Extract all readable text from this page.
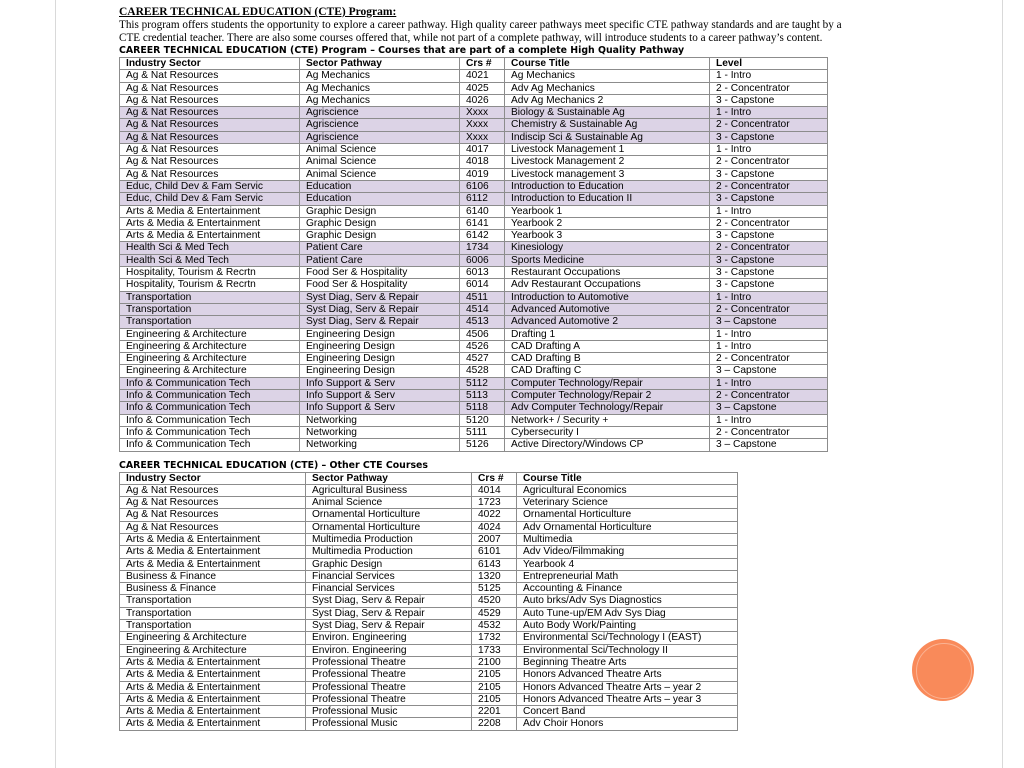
CAREER TECHNICAL EDUCATION (CTE) Program:

This program offers students the opportunity to explore a career pathway. High quality career pathways meet specific CTE pathway standards and are taught by a CTE credential teacher. There are also some courses offered that, while not part of a complete pathway, will introduce students to a career pathway’s content.

CAREER TECHNICAL EDUCATION (CTE) Program – Courses that are part of a complete High Quality Pathway

Industry Sector	Sector Pathway	Crs #	Course Title	Level
Ag & Nat Resources	Ag Mechanics	4021	Ag Mechanics	1 - Intro
Ag & Nat Resources	Ag Mechanics	4025	Adv Ag Mechanics	2 - Concentrator
Ag & Nat Resources	Ag Mechanics	4026	Adv Ag Mechanics 2	3 - Capstone
Ag & Nat Resources	Agriscience	Xxxx	Biology & Sustainable Ag	1 - Intro
Ag & Nat Resources	Agriscience	Xxxx	Chemistry & Sustainable Ag	2 - Concentrator
Ag & Nat Resources	Agriscience	Xxxx	Indiscip Sci & Sustainable Ag	3 - Capstone
Ag & Nat Resources	Animal Science	4017	Livestock Management 1	1 - Intro
Ag & Nat Resources	Animal Science	4018	Livestock Management 2	2 - Concentrator
Ag & Nat Resources	Animal Science	4019	Livestock management 3	3 - Capstone
Educ, Child Dev & Fam Servic	Education	6106	Introduction to Education	2 - Concentrator
Educ, Child Dev & Fam Servic	Education	6112	Introduction to Education II	3 - Capstone
Arts & Media & Entertainment	Graphic Design	6140	Yearbook 1	1 - Intro
Arts & Media & Entertainment	Graphic Design	6141	Yearbook 2	2 - Concentrator
Arts & Media & Entertainment	Graphic Design	6142	Yearbook 3	3 - Capstone
Health Sci & Med Tech	Patient Care	1734	Kinesiology	2 - Concentrator
Health Sci & Med Tech	Patient Care	6006	Sports Medicine	3 - Capstone
Hospitality, Tourism & Recrtn	Food Ser & Hospitality	6013	Restaurant Occupations	3 - Capstone
Hospitality, Tourism & Recrtn	Food Ser & Hospitality	6014	Adv Restaurant Occupations	3 - Capstone
Transportation	Syst Diag, Serv & Repair	4511	Introduction to Automotive	1 - Intro
Transportation	Syst Diag, Serv & Repair	4514	Advanced Automotive	2 - Concentrator
Transportation	Syst Diag, Serv & Repair	4513	Advanced Automotive 2	3 – Capstone
Engineering & Architecture	Engineering Design	4506	Drafting 1	1 - Intro
Engineering & Architecture	Engineering Design	4526	CAD Drafting A	1 - Intro
Engineering & Architecture	Engineering Design	4527	CAD Drafting B	2 - Concentrator
Engineering & Architecture	Engineering Design	4528	CAD Drafting C	3 – Capstone
Info & Communication Tech	Info Support & Serv	5112	Computer Technology/Repair	1 - Intro
Info & Communication Tech	Info Support & Serv	5113	Computer Technology/Repair 2	2 - Concentrator
Info & Communication Tech	Info Support & Serv	5118	Adv Computer Technology/Repair	3 – Capstone
Info & Communication Tech	Networking	5120	Network+ / Security +	1 - Intro
Info & Communication Tech	Networking	5111	Cybersecurity I	2 - Concentrator
Info & Communication Tech	Networking	5126	Active Directory/Windows CP	3 – Capstone

CAREER TECHNICAL EDUCATION (CTE) – Other CTE Courses

Industry Sector	Sector Pathway	Crs #	Course Title
Ag & Nat Resources	Agricultural Business	4014	Agricultural Economics
Ag & Nat Resources	Animal Science	1723	Veterinary Science
Ag & Nat Resources	Ornamental Horticulture	4022	Ornamental Horticulture
Ag & Nat Resources	Ornamental Horticulture	4024	Adv Ornamental Horticulture
Arts & Media & Entertainment	Multimedia Production	2007	Multimedia
Arts & Media & Entertainment	Multimedia Production	6101	Adv Video/Filmmaking
Arts & Media & Entertainment	Graphic Design	6143	Yearbook 4
Business & Finance	Financial Services	1320	Entrepreneurial Math
Business & Finance	Financial Services	5125	Accounting & Finance
Transportation	Syst Diag, Serv & Repair	4520	Auto brks/Adv Sys Diagnostics
Transportation	Syst Diag, Serv & Repair	4529	Auto Tune-up/EM Adv Sys Diag
Transportation	Syst Diag, Serv & Repair	4532	Auto Body Work/Painting
Engineering & Architecture	Environ. Engineering	1732	Environmental Sci/Technology I (EAST)
Engineering & Architecture	Environ. Engineering	1733	Environmental Sci/Technology II
Arts & Media & Entertainment	Professional Theatre	2100	Beginning Theatre Arts
Arts & Media & Entertainment	Professional Theatre	2105	Honors Advanced Theatre Arts
Arts & Media & Entertainment	Professional Theatre	2105	Honors Advanced Theatre Arts – year 2
Arts & Media & Entertainment	Professional Theatre	2105	Honors Advanced Theatre Arts – year 3
Arts & Media & Entertainment	Professional Music	2201	Concert Band
Arts & Media & Entertainment	Professional Music	2208	Adv Choir Honors
